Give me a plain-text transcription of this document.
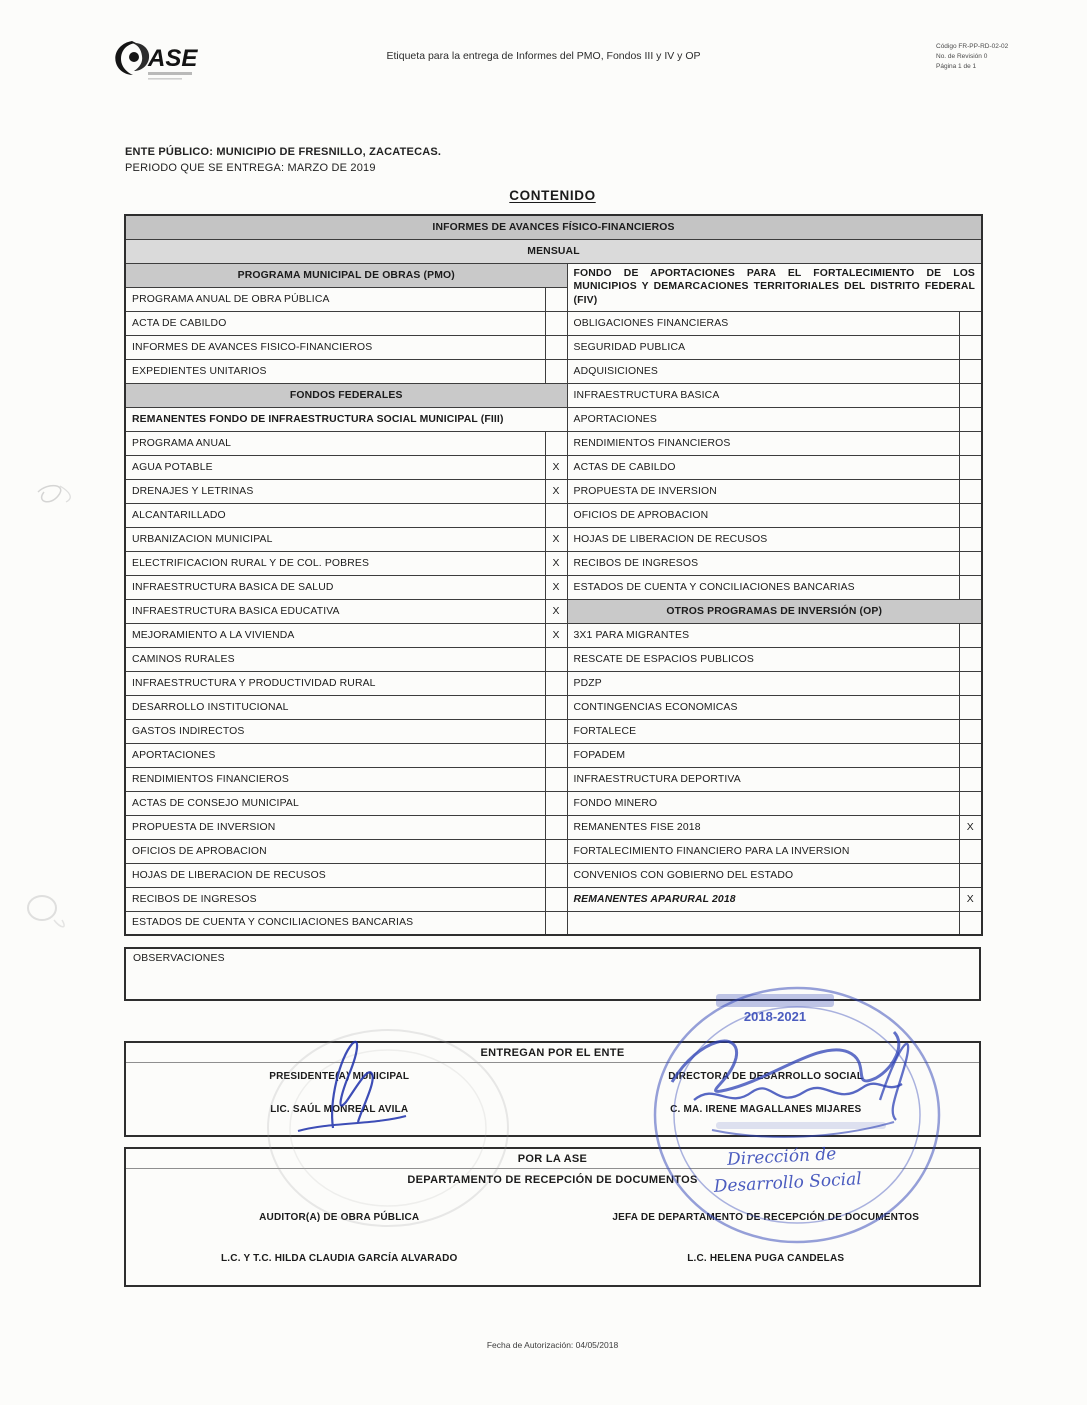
ASE	Etiqueta para la entrega de Informes del PMO, Fondos III y IV y OP
Código FR-PP-RD-02-02
No. de Revisión 0
Página 1 de 1
ENTE PÚBLICO: MUNICIPIO DE FRESNILLO, ZACATECAS.
PERIODO QUE SE ENTREGA: MARZO DE 2019
CONTENIDO
INFORMES DE AVANCES FÍSICO-FINANCIEROS			
MENSUAL			
PROGRAMA MUNICIPAL DE OBRAS (PMO)		FONDO DE APORTACIONES PARA EL FORTALECIMIENTO DE LOS MUNICIPIOS Y DEMARCACIONES TERRITORIALES DEL DISTRITO FEDERAL (FIV)	
PROGRAMA ANUAL DE OBRA PÚBLICA			
ACTA DE CABILDO		OBLIGACIONES FINANCIERAS	
INFORMES DE AVANCES FISICO-FINANCIEROS		SEGURIDAD PUBLICA	
EXPEDIENTES UNITARIOS		ADQUISICIONES	
FONDOS FEDERALES		INFRAESTRUCTURA BASICA	
REMANENTES FONDO DE INFRAESTRUCTURA SOCIAL MUNICIPAL (FIII)		APORTACIONES	
PROGRAMA ANUAL		RENDIMIENTOS FINANCIEROS	
AGUA POTABLE	X	ACTAS DE CABILDO	
DRENAJES Y LETRINAS	X	PROPUESTA DE INVERSION	
ALCANTARILLADO		OFICIOS DE APROBACION	
URBANIZACION MUNICIPAL	X	HOJAS DE LIBERACION DE RECUSOS	
ELECTRIFICACION RURAL Y DE COL. POBRES	X	RECIBOS DE INGRESOS	
INFRAESTRUCTURA BASICA DE SALUD	X	ESTADOS DE CUENTA Y CONCILIACIONES BANCARIAS	
INFRAESTRUCTURA BASICA EDUCATIVA	X	OTROS PROGRAMAS DE INVERSIÓN (OP)	
MEJORAMIENTO A LA VIVIENDA	X	3X1 PARA MIGRANTES	
CAMINOS RURALES		RESCATE DE ESPACIOS PUBLICOS	
INFRAESTRUCTURA Y PRODUCTIVIDAD RURAL		PDZP	
DESARROLLO INSTITUCIONAL		CONTINGENCIAS ECONOMICAS	
GASTOS INDIRECTOS		FORTALECE	
APORTACIONES		FOPADEM	
RENDIMIENTOS FINANCIEROS		INFRAESTRUCTURA DEPORTIVA	
ACTAS DE CONSEJO MUNICIPAL		FONDO MINERO	
PROPUESTA DE INVERSION		REMANENTES FISE 2018	X
OFICIOS DE APROBACION		FORTALECIMIENTO FINANCIERO PARA LA INVERSION	
HOJAS DE LIBERACION DE RECUSOS		CONVENIOS CON GOBIERNO DEL ESTADO	
RECIBOS DE INGRESOS		REMANENTES APARURAL 2018	X
ESTADOS DE CUENTA Y CONCILIACIONES BANCARIAS			
OBSERVACIONES
ENTREGAN POR EL ENTE
PRESIDENTE(A) MUNICIPAL
LIC. SAÚL MONREAL AVILA
DIRECTORA DE DESARROLLO SOCIAL
C. MA. IRENE MAGALLANES MIJARES
POR LA ASE
DEPARTAMENTO DE RECEPCIÓN DE DOCUMENTOS
AUDITOR(A) DE OBRA PÚBLICA
L.C. Y T.C. HILDA CLAUDIA GARCÍA ALVARADO
JEFA DE DEPARTAMENTO DE RECEPCIÓN DE DOCUMENTOS
L.C. HELENA PUGA CANDELAS
Fecha de Autorización: 04/05/2018
2018-2021
Dirección de
Desarrollo Social
